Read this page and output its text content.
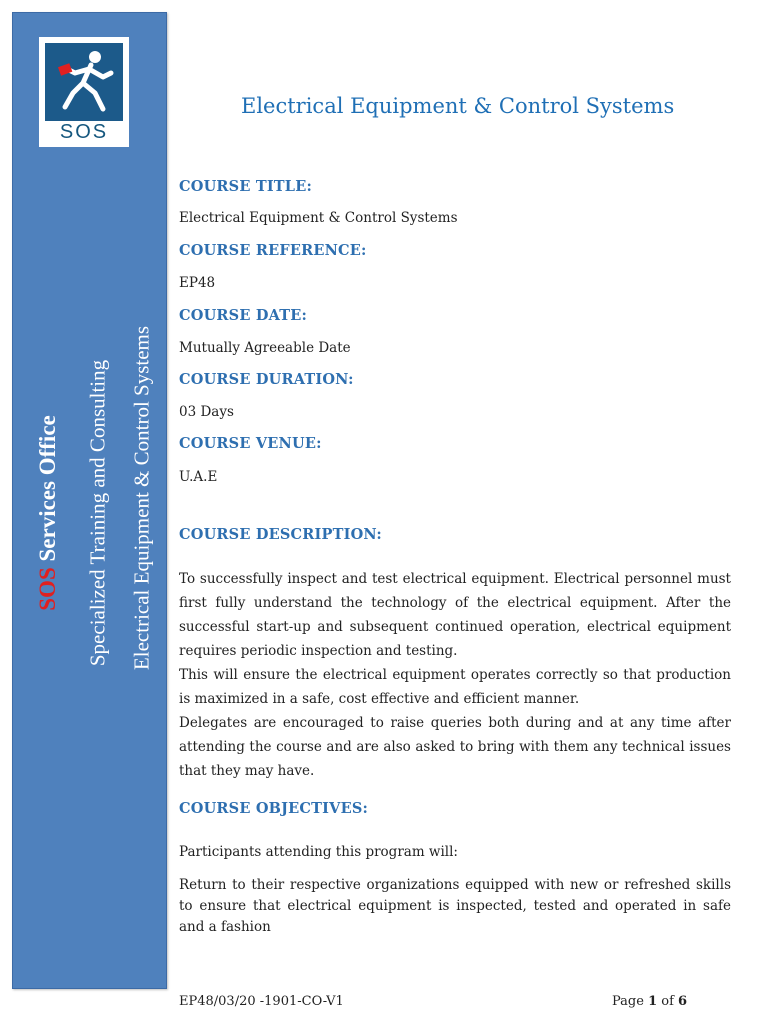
SOS
SOS Services Office Specialized Training and Consulting Electrical Equipment & Control Systems
Electrical Equipment & Control Systems
COURSE TITLE:
Electrical Equipment & Control Systems
COURSE REFERENCE:
EP48
COURSE DATE:
Mutually Agreeable Date
COURSE DURATION:
03 Days
COURSE VENUE:
U.A.E
COURSE DESCRIPTION:

To successfully inspect and test electrical equipment. Electrical personnel must first fully understand the technology of the electrical equipment. After the successful start-up and subsequent continued operation, electrical equipment requires periodic inspection and testing.

This will ensure the electrical equipment operates correctly so that production is maximized in a safe, cost effective and efficient manner.

Delegates are encouraged to raise queries both during and at any time after attending the course and are also asked to bring with them any technical issues that they may have.

COURSE OBJECTIVES:
Participants attending this program will:
Return to their respective organizations equipped with new or refreshed skills to ensure that electrical equipment is inspected, tested and operated in safe and a fashion
EP48/03/20 -1901-CO-V1	Page 1 of 6
